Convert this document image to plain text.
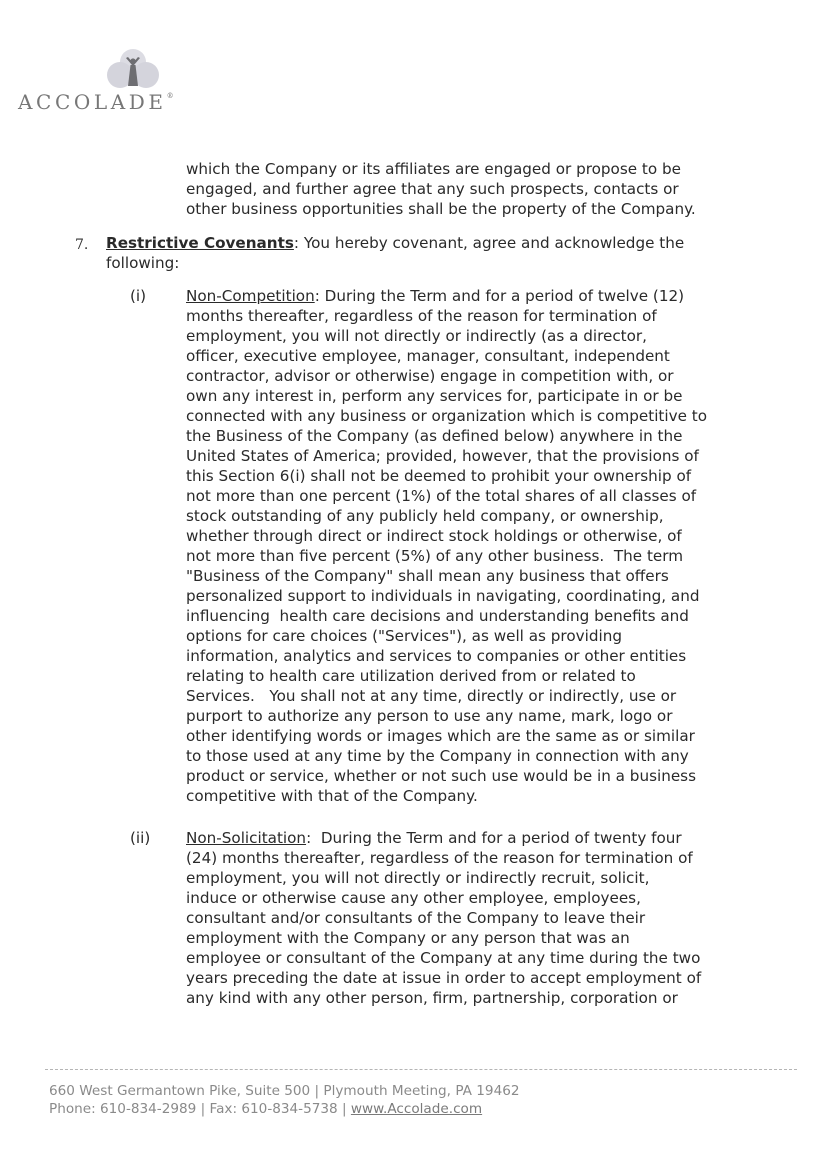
ACCOLADE®
which the Company or its affiliates are engaged or propose to be
engaged, and further agree that any such prospects, contacts or
other business opportunities shall be the property of the Company.
7. Restrictive Covenants: You hereby covenant, agree and acknowledge the
following:
(i)	Non-Competition: During the Term and for a period of twelve (12)
months thereafter, regardless of the reason for termination of
employment, you will not directly or indirectly (as a director,
officer, executive employee, manager, consultant, independent
contractor, advisor or otherwise) engage in competition with, or
own any interest in, perform any services for, participate in or be
connected with any business or organization which is competitive to
the Business of the Company (as defined below) anywhere in the
United States of America; provided, however, that the provisions of
this Section 6(i) shall not be deemed to prohibit your ownership of
not more than one percent (1%) of the total shares of all classes of
stock outstanding of any publicly held company, or ownership,
whether through direct or indirect stock holdings or otherwise, of
not more than five percent (5%) of any other business.  The term
"Business of the Company" shall mean any business that offers
personalized support to individuals in navigating, coordinating, and
influencing  health care decisions and understanding benefits and
options for care choices ("Services"), as well as providing
information, analytics and services to companies or other entities
relating to health care utilization derived from or related to
Services.   You shall not at any time, directly or indirectly, use or
purport to authorize any person to use any name, mark, logo or
other identifying words or images which are the same as or similar
to those used at any time by the Company in connection with any
product or service, whether or not such use would be in a business
competitive with that of the Company.
(ii) Non-Solicitation:  During the Term and for a period of twenty four
(24) months thereafter, regardless of the reason for termination of
employment, you will not directly or indirectly recruit, solicit,
induce or otherwise cause any other employee, employees,
consultant and/or consultants of the Company to leave their
employment with the Company or any person that was an
employee or consultant of the Company at any time during the two
years preceding the date at issue in order to accept employment of
any kind with any other person, firm, partnership, corporation or
660 West Germantown Pike, Suite 500 | Plymouth Meeting, PA 19462
Phone: 610-834-2989 | Fax: 610-834-5738 | www.Accolade.com
